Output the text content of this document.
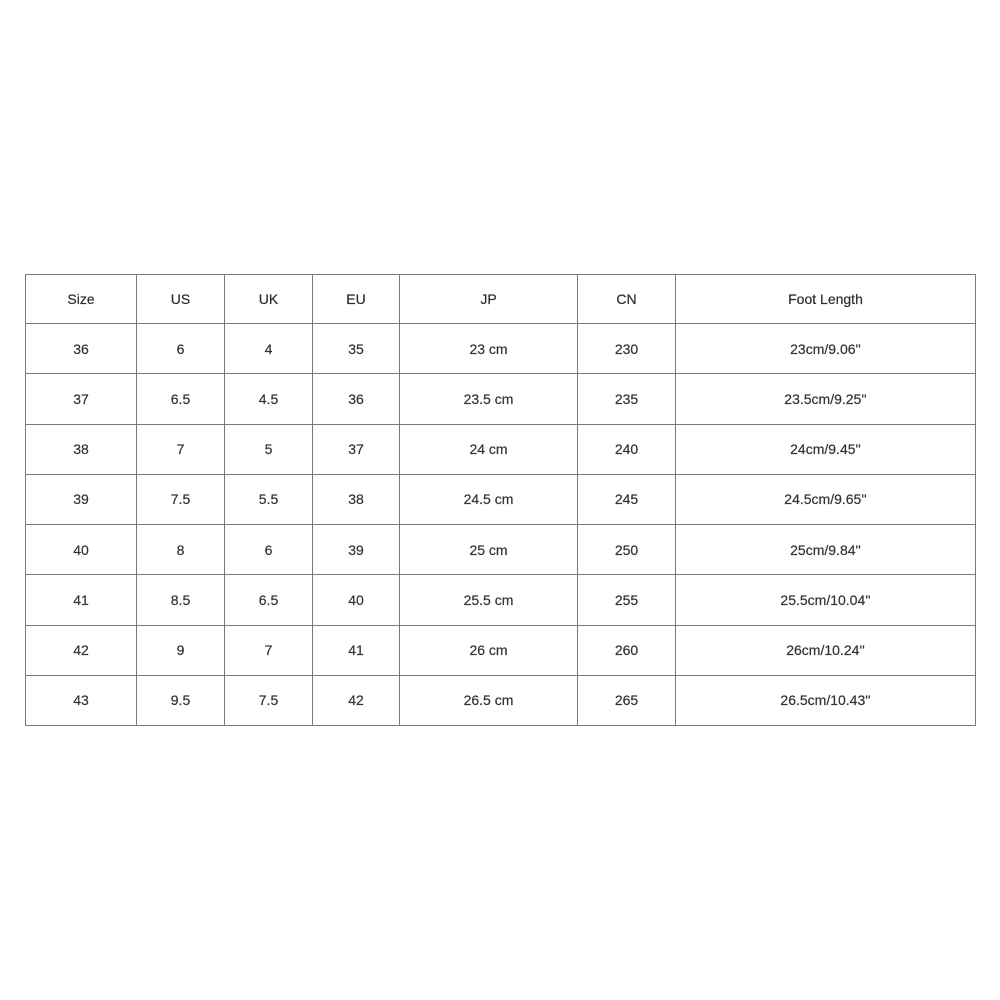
Size	US	UK	EU	JP	CN	Foot Length
36	6	4	35	23 cm	230	23cm/9.06''
37	6.5	4.5	36	23.5 cm	235	23.5cm/9.25''
38	7	5	37	24 cm	240	24cm/9.45''
39	7.5	5.5	38	24.5 cm	245	24.5cm/9.65''
40	8	6	39	25 cm	250	25cm/9.84''
41	8.5	6.5	40	25.5 cm	255	25.5cm/10.04''
42	9	7	41	26 cm	260	26cm/10.24''
43	9.5	7.5	42	26.5 cm	265	26.5cm/10.43''
